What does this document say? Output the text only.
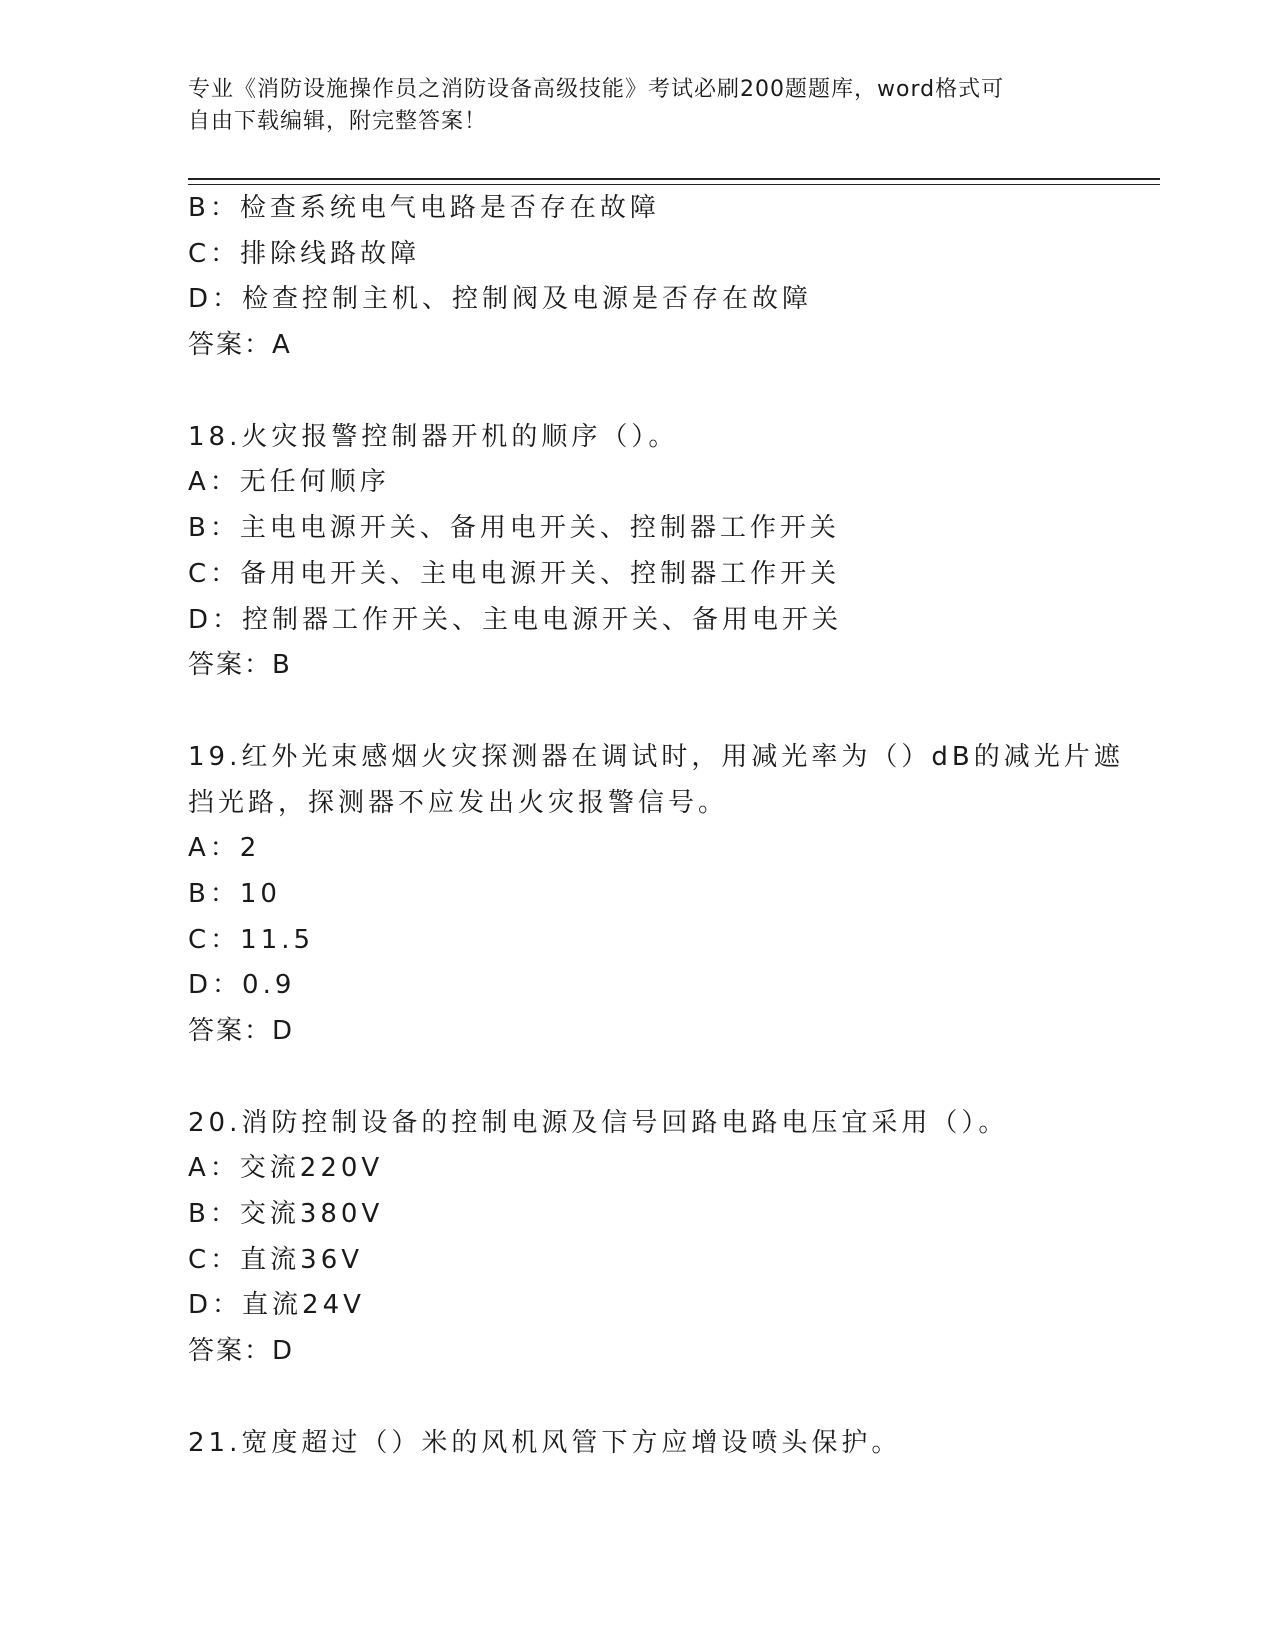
专业《消防设施操作员之消防设备高级技能》考试必刷200题题库，word格式可
自由下载编辑，附完整答案！
B：检查系统电气电路是否存在故障
C：排除线路故障
D：检查控制主机、控制阀及电源是否存在故障
答案：A
18.火灾报警控制器开机的顺序（）。
A：无任何顺序
B：主电电源开关、备用电开关、控制器工作开关
C：备用电开关、主电电源开关、控制器工作开关
D：控制器工作开关、主电电源开关、备用电开关
答案：B
19.红外光束感烟火灾探测器在调试时，用减光率为（）dB的减光片遮
挡光路，探测器不应发出火灾报警信号。
A：2
B：10
C：11.5
D：0.9
答案：D
20.消防控制设备的控制电源及信号回路电路电压宜采用（）。
A：交流220V
B：交流380V
C：直流36V
D：直流24V
答案：D
21.宽度超过（）米的风机风管下方应增设喷头保护。
